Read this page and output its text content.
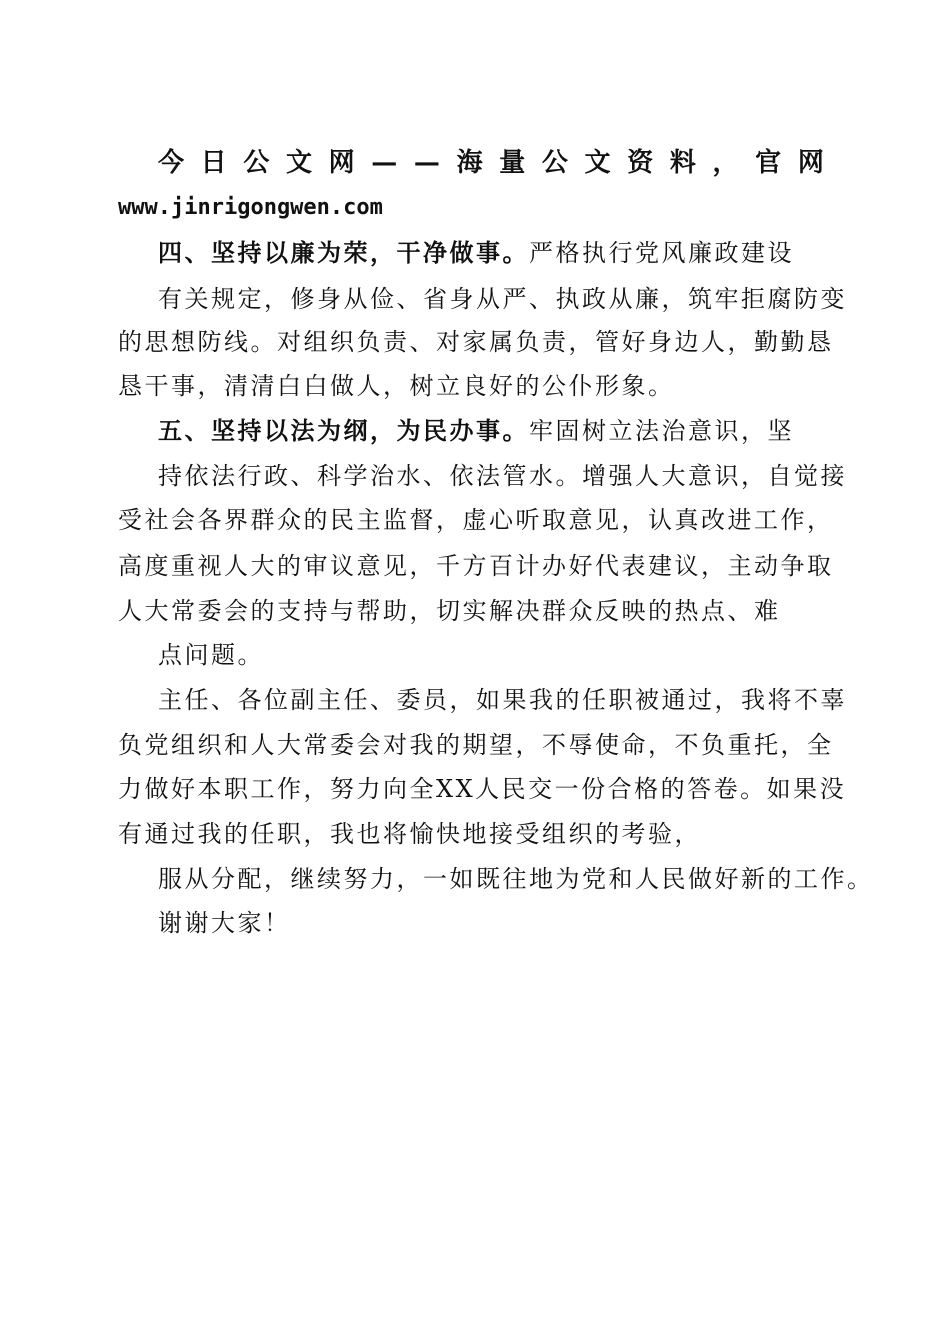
今 日 公 文 网 — — 海 量 公 文 资 料 ， 官 网
www.jinrigongwen.com
四、坚持以廉为荣，干净做事。严格执行党风廉政建设
有关规定，修身从俭、省身从严、执政从廉，筑牢拒腐防变
的思想防线。对组织负责、对家属负责，管好身边人，勤勤恳
恳干事，清清白白做人，树立良好的公仆形象。
五、坚持以法为纲，为民办事。牢固树立法治意识，坚
持依法行政、科学治水、依法管水。增强人大意识，自觉接
受社会各界群众的民主监督，虚心听取意见，认真改进工作，
高度重视人大的审议意见，千方百计办好代表建议，主动争取
人大常委会的支持与帮助，切实解决群众反映的热点、难
点问题。
主任、各位副主任、委员，如果我的任职被通过，我将不辜
负党组织和人大常委会对我的期望，不辱使命，不负重托，全
力做好本职工作，努力向全XX人民交一份合格的答卷。如果没
有通过我的任职，我也将愉快地接受组织的考验，
服从分配，继续努力，一如既往地为党和人民做好新的工作。
谢谢大家！
